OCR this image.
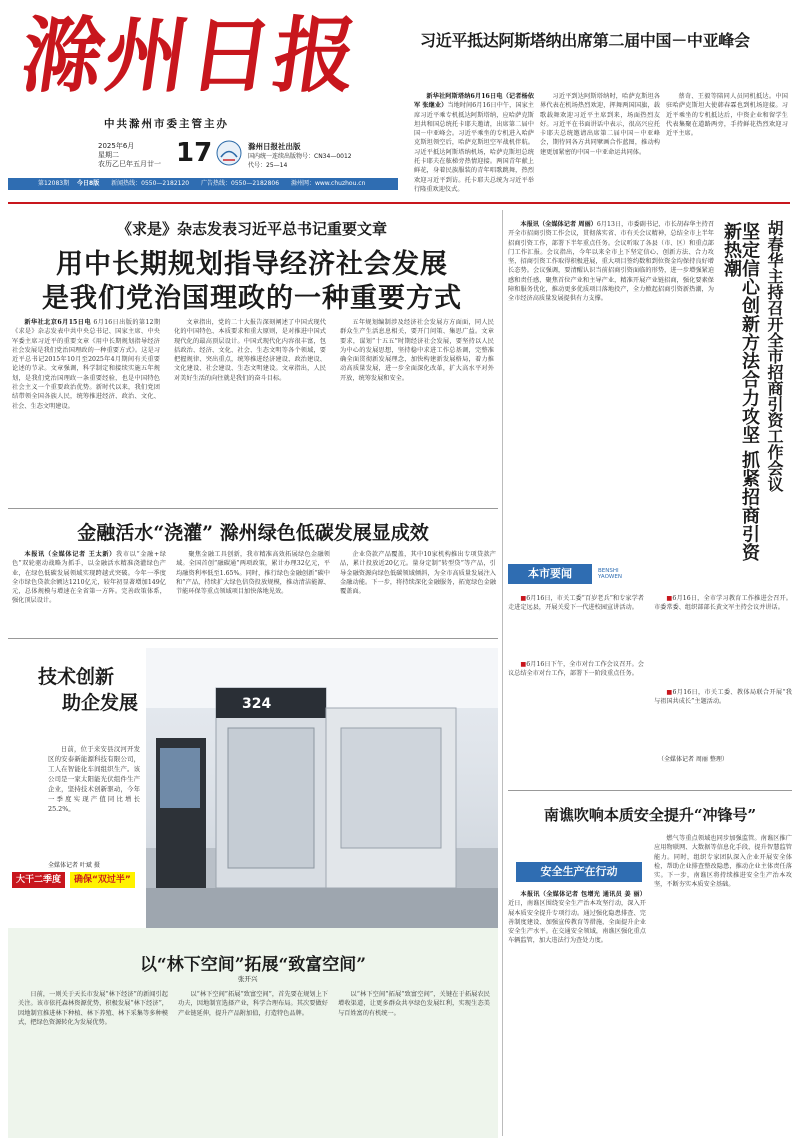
滁州日报
中共滁州市委主管主办
2025年6月
星期二
农历乙巳年五月廿一 17	滁州日报社出版
国内统一连续出版物号：CN34—0012
代号：25—14
第12083期 今日8版 新闻热线：0550—2182120 广告热线：0550—2182806 滁州网：www.chuzhou.cn
习近平抵达阿斯塔纳出席第二届中国－中亚峰会

新华社阿斯塔纳6月16日电（记者杨依军 张继业）当地时间6月16日中午，国家主席习近平乘专机抵达阿斯塔纳，应哈萨克斯坦共和国总统托卡耶夫邀请，出席第二届中国－中亚峰会。习近平乘坐的专机进入哈萨克斯坦领空后，哈萨克斯坦空军战机伴航。习近平抵达阿斯塔纳机场，哈萨克斯坦总统托卡耶夫在舷梯旁热情迎接。两国青年献上鲜花，身着民族服装的青年唱歌跳舞，热烈欢迎习近平到访。托卡耶夫总统为习近平举行隆重欢迎仪式。

习近平到达阿斯塔纳时，哈萨克斯坦各界代表在机场热烈欢迎，挥舞两国国旗，载歌载舞欢迎习近平主席到来，场面热烈友好。习近平在书面讲话中表示，很高兴应托卡耶夫总统邀请出席第二届中国－中亚峰会，期待同各方共同擘画合作蓝图，推动构建更加紧密的中国－中亚命运共同体。
蔡奇、王毅等陪同人员同机抵达。中国驻哈萨克斯坦大使韩春霖也到机场迎接。习近平乘坐的专机抵达后，中资企业和留学生代表集聚在道路两旁，手持鲜花热烈欢迎习近平主席。
《求是》杂志发表习近平总书记重要文章
用中长期规划指导经济社会发展
是我们党治国理政的一种重要方式

新华社北京6月15日电 6月16日出版的第12期《求是》杂志发表中共中央总书记、国家主席、中央军委主席习近平的重要文章《用中长期规划指导经济社会发展是我们党治国理政的一种重要方式》。这是习近平总书记2015年10月至2025年4月期间有关重要论述的节录。文章强调，科学制定和接续实施五年规划，是我们党治国理政一条重要经验，也是中国特色社会主义一个重要政治优势。新时代以来，我们党团结带领全国各族人民，统筹推进经济、政治、文化、社会、生态文明建设。

文章指出，党的二十大报告深刻阐述了中国式现代化的中国特色、本质要求和重大原则，是对推进中国式现代化的最高顶层设计。中国式现代化内容很丰富，包括政治、经济、文化、社会、生态文明等各个领域，要把握规律、突出重点，统筹推进经济建设、政治建设、文化建设、社会建设、生态文明建设。文章指出，人民对美好生活的向往就是我们的奋斗目标。
五年规划编制涉及经济社会发展方方面面，同人民群众生产生活息息相关，要开门问策、集思广益。文章要求，谋划“十五五”时期经济社会发展，要坚持以人民为中心的发展思想，坚持稳中求进工作总基调，完整准确全面贯彻新发展理念，加快构建新发展格局，着力推动高质量发展，进一步全面深化改革，扩大高水平对外开放，统筹发展和安全。
金融活水“浇灌” 滁州绿色低碳发展显成效

本报讯（全媒体记者 王太新）我市以“金融+绿色”双轮驱动战略为抓手，以金融活水精准浇灌绿色产业，在绿色低碳发展领域实现跨越式突破。今年一季度全市绿色贷款余额达1210亿元，较年初显著增加149亿元，总体规模与增速在全省第一方阵。完善政策体系，强化顶层设计。

聚焦金融工具创新，我市精准高效拓展绿色金融领域。全国首创“融碳通”两项政策，累计办理32亿元，平均融资利率低至1.65%。同时，推行绿色金融创新“碳中和”产品，持续扩大绿色信贷投放规模，推动清洁能源、节能环保等重点领域项目加快落地见效。
企业贷款产品覆盖，其中10家机构推出专项贷款产品，累计投放近20亿元。量身定制“转型贷”等产品，引导金融资源向绿色低碳领域倾斜，为全市高质量发展注入金融动能。下一步，将持续深化金融服务，拓宽绿色金融覆盖面。
技术创新
助企发展

日前，位于来安县汊河开发区的安泰新能源科技有限公司，工人在智能化车间组织生产。该公司是一家太阳能光伏组件生产企业，坚持技术创新驱动，今年一季度实现产值同比增长25.2%。

全媒体记者 叶斌 摄
大干二季度	确保“双过半”
324
以“林下空间”拓展“致富空间”
张开兴
日前，一则关于天长市发展“林下经济”的新闻引起关注。该市依托森林资源优势，积极发展“林下经济”，因地制宜推进林下种植、林下养殖、林下采集等多种模式，把绿色资源转化为发展优势。
以“林下空间”拓展“致富空间”，首先要在规划上下功夫，因地制宜选择产业，科学合理布局。其次要做好产业链延伸，提升产品附加值，打造特色品牌。
以“林下空间”拓展“致富空间”，关键在于拓展农民增收渠道，让更多群众共享绿色发展红利，实现生态美与百姓富的有机统一。

本报讯（全媒体记者 周丽）6月13日，市委副书记、市长胡春华主持召开全市招商引资工作会议，贯彻落实省、市有关会议精神，总结全市上半年招商引资工作，部署下半年重点任务。会议听取了各县（市、区）和重点部门工作汇报。会议指出，今年以来全市上下坚定信心、创新方法、合力攻坚，招商引资工作取得积极进展，重大项目签约数和到位资金均保持良好增长态势。会议强调，要清醒认识当前招商引资面临的形势，进一步增强紧迫感和责任感，聚焦首位产业和主导产业，精准开展产业链招商，强化要素保障和服务优化，推动更多优质项目落地投产，全力掀起招商引资新热潮，为全市经济高质量发展提供有力支撑。	胡春华主持召开全市招商引资工作会议
坚定信心创新方法合力攻坚 抓紧招商引资新热潮
本市要闻	BENSHI YAOWEN

■6月16日，市关工委“百岁老兵”和专家学者走进定远县，开展关爱下一代进校园宣讲活动。

■6月16日下午，全市对台工作会议召开。会议总结全市对台工作，部署下一阶段重点任务。

■6月16日，全市学习教育工作推进会召开。市委常委、组织部部长黄文军主持会议并讲话。

■6月16日，市关工委、教体局联合开展“我与祖国共成长”主题活动。

（全媒体记者 周丽 整理）
南谯吹响本质安全提升“冲锋号”
安全生产在行动

本报讯（全媒体记者 包增光 通讯员 姜 丽）近日，南谯区围绕安全生产治本攻坚行动，深入开展本质安全提升专项行动。通过强化隐患排查、完善制度建设、加强宣传教育等措施，全面提升企业安全生产水平。在交通安全领域，南谯区强化重点车辆监管，加大违法行为查处力度。

燃气等重点领域也同步加强监管。南谯区推广应用物联网、大数据等信息化手段，提升智慧监管能力。同时，组织专家团队深入企业开展安全体检，帮助企业排查整改隐患，推动企业主体责任落实。下一步，南谯区将持续推进安全生产治本攻坚，不断夯实本质安全基础。
